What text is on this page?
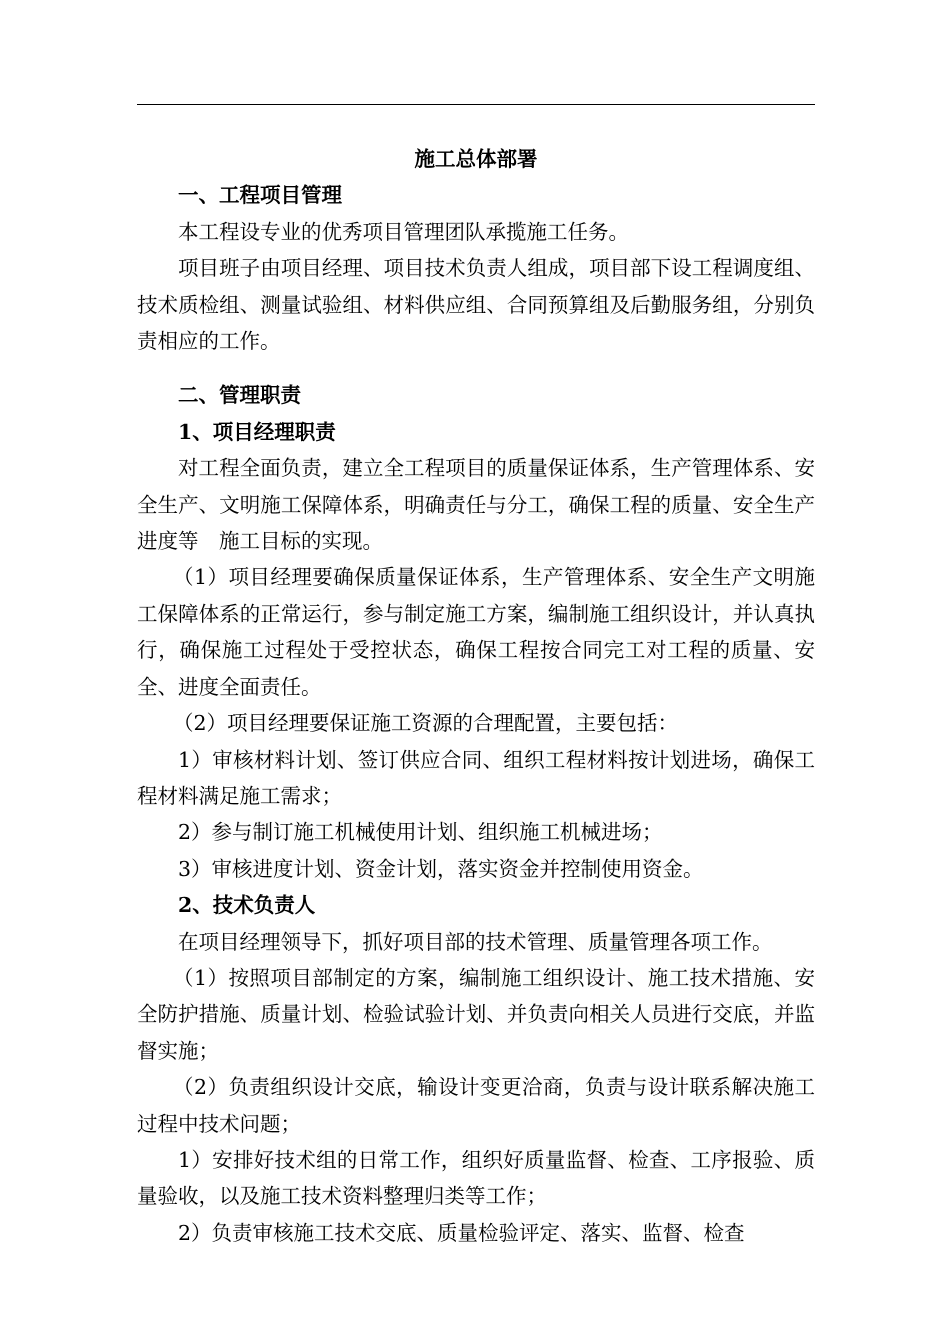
施工总体部署

一、工程项目管理

本工程设专业的优秀项目管理团队承揽施工任务。

项目班子由项目经理、项目技术负责人组成，项目部下设工程调度组、技术质检组、测量试验组、材料供应组、合同预算组及后勤服务组，分别负责相应的工作。

二、管理职责

1、项目经理职责

对工程全面负责，建立全工程项目的质量保证体系，生产管理体系、安全生产、文明施工保障体系，明确责任与分工，确保工程的质量、安全生产进度等　施工目标的实现。

（1）项目经理要确保质量保证体系，生产管理体系、安全生产文明施工保障体系的正常运行，参与制定施工方案，编制施工组织设计，并认真执行，确保施工过程处于受控状态，确保工程按合同完工对工程的质量、安全、进度全面责任。

（2）项目经理要保证施工资源的合理配置，主要包括：

1）审核材料计划、签订供应合同、组织工程材料按计划进场，确保工程材料满足施工需求；

2）参与制订施工机械使用计划、组织施工机械进场；

3）审核进度计划、资金计划，落实资金并控制使用资金。

2、技术负责人

在项目经理领导下，抓好项目部的技术管理、质量管理各项工作。

（1）按照项目部制定的方案，编制施工组织设计、施工技术措施、安全防护措施、质量计划、检验试验计划、并负责向相关人员进行交底，并监督实施；

（2）负责组织设计交底，输设计变更洽商，负责与设计联系解决施工过程中技术问题；

1）安排好技术组的日常工作，组织好质量监督、检查、工序报验、质量验收，以及施工技术资料整理归类等工作；

2）负责审核施工技术交底、质量检验评定、落实、监督、检查
